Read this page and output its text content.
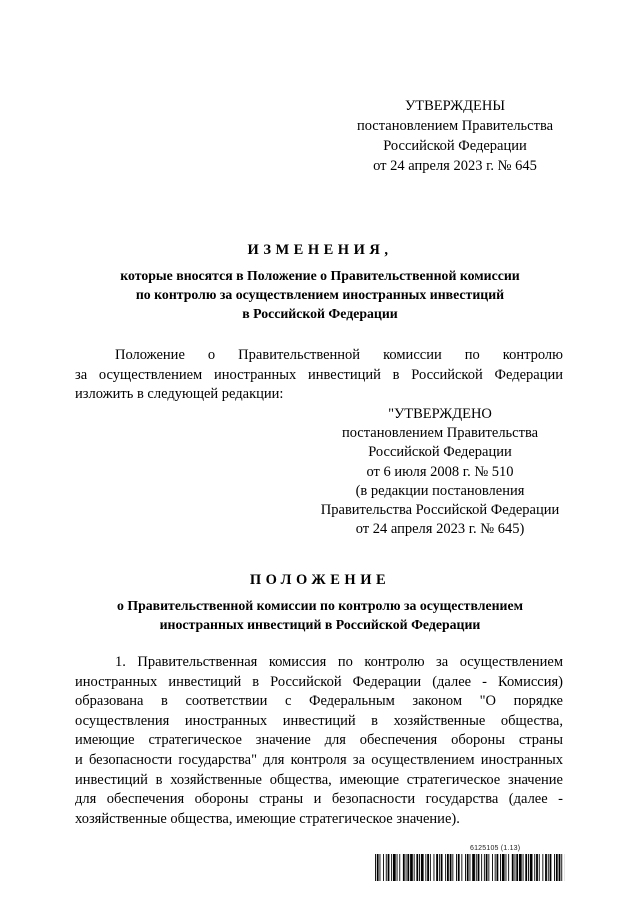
УТВЕРЖДЕНЫ
постановлением Правительства
Российской Федерации
от 24 апреля 2023 г. № 645
ИЗМЕНЕНИЯ,
которые вносятся в Положение о Правительственной комиссии
по контролю за осуществлением иностранных инвестиций
в Российской Федерации
Положение о Правительственной комиссии по контролю
за осуществлением иностранных инвестиций в Российской Федерации
изложить в следующей редакции:
"УТВЕРЖДЕНО
постановлением Правительства
Российской Федерации
от 6 июля 2008 г. № 510
(в редакции постановления
Правительства Российской Федерации
от 24 апреля 2023 г. № 645)
ПОЛОЖЕНИЕ
о Правительственной комиссии по контролю за осуществлением
иностранных инвестиций в Российской Федерации
1. Правительственная комиссия по контролю за осуществлением
иностранных инвестиций в Российской Федерации (далее - Комиссия)
образована в соответствии с Федеральным законом "О порядке
осуществления иностранных инвестиций в хозяйственные общества,
имеющие стратегическое значение для обеспечения обороны страны
и безопасности государства" для контроля за осуществлением иностранных
инвестиций в хозяйственные общества, имеющие стратегическое значение
для обеспечения обороны страны и безопасности государства (далее -
хозяйственные общества, имеющие стратегическое значение).
6125105 (1.13)
